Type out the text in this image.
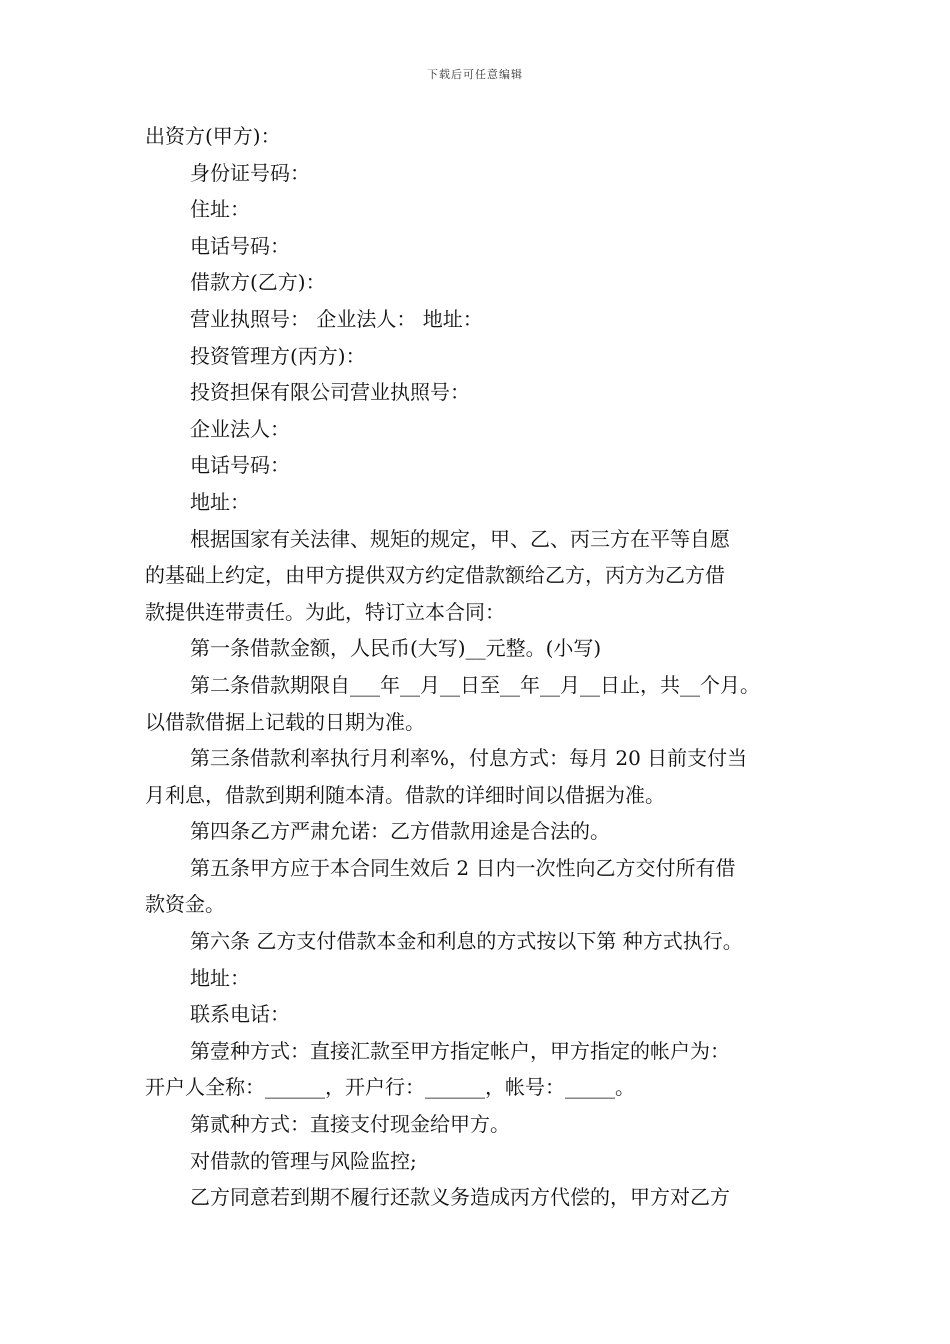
下载后可任意编辑

出资方(甲方)：

身份证号码：

住址：

电话号码：

借款方(乙方)：

营业执照号： 企业法人： 地址：

投资管理方(丙方)：

投资担保有限公司营业执照号：

企业法人：

电话号码：

地址：

根据国家有关法律、规矩的规定，甲、乙、丙三方在平等自愿

的基础上约定，由甲方提供双方约定借款额给乙方，丙方为乙方借

款提供连带责任。为此，特订立本合同：

第一条借款金额，人民币(大写)__元整。(小写)

第二条借款期限自___年__月__日至__年__月__日止，共__个月。

以借款借据上记载的日期为准。

第三条借款利率执行月利率%，付息方式：每月 20 日前支付当

月利息，借款到期利随本清。借款的详细时间以借据为准。

第四条乙方严肃允诺：乙方借款用途是合法的。

第五条甲方应于本合同生效后 2 日内一次性向乙方交付所有借

款资金。

第六条 乙方支付借款本金和利息的方式按以下第 种方式执行。

地址：

联系电话：

第壹种方式：直接汇款至甲方指定帐户，甲方指定的帐户为：

开户人全称：______，开户行：______，帐号：_____。

第贰种方式：直接支付现金给甲方。

对借款的管理与风险监控;

乙方同意若到期不履行还款义务造成丙方代偿的，甲方对乙方
